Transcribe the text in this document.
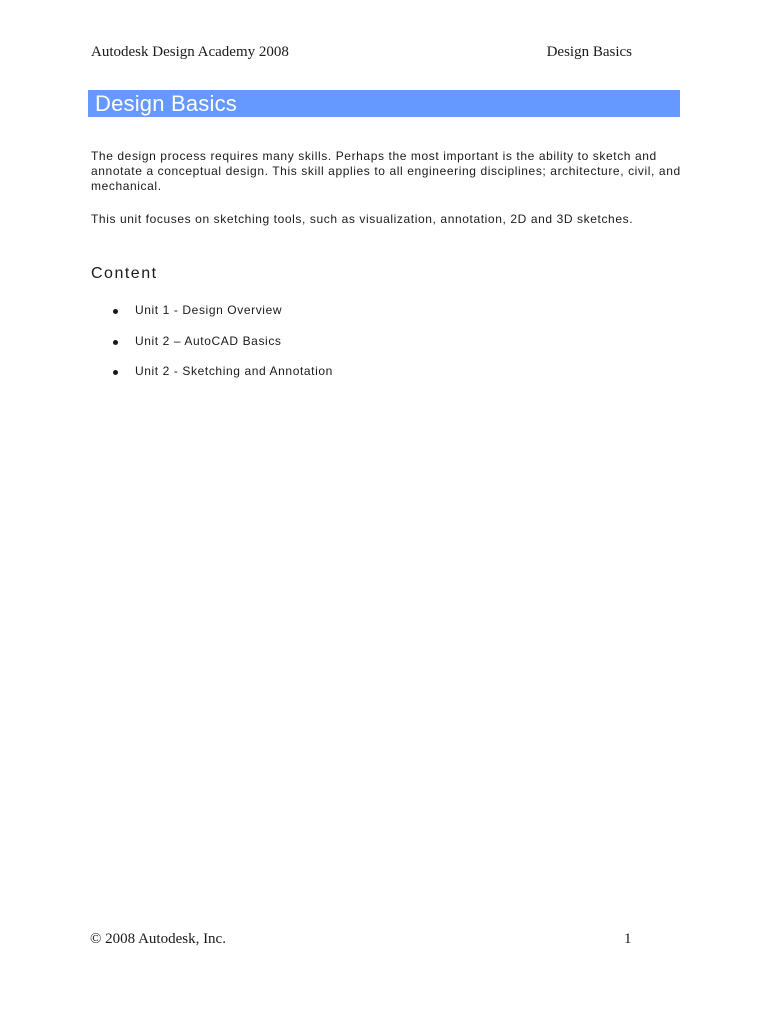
Autodesk Design Academy 2008	Design Basics
Design Basics

The design process requires many skills. Perhaps the most important is the ability to sketch and annotate a conceptual design. This skill applies to all engineering disciplines; architecture, civil, and mechanical.

This unit focuses on sketching tools, such as visualization, annotation, 2D and 3D sketches.

Content
Unit 1 - Design Overview
Unit 2 – AutoCAD Basics
Unit 2 - Sketching and Annotation
© 2008 Autodesk, Inc.	1
